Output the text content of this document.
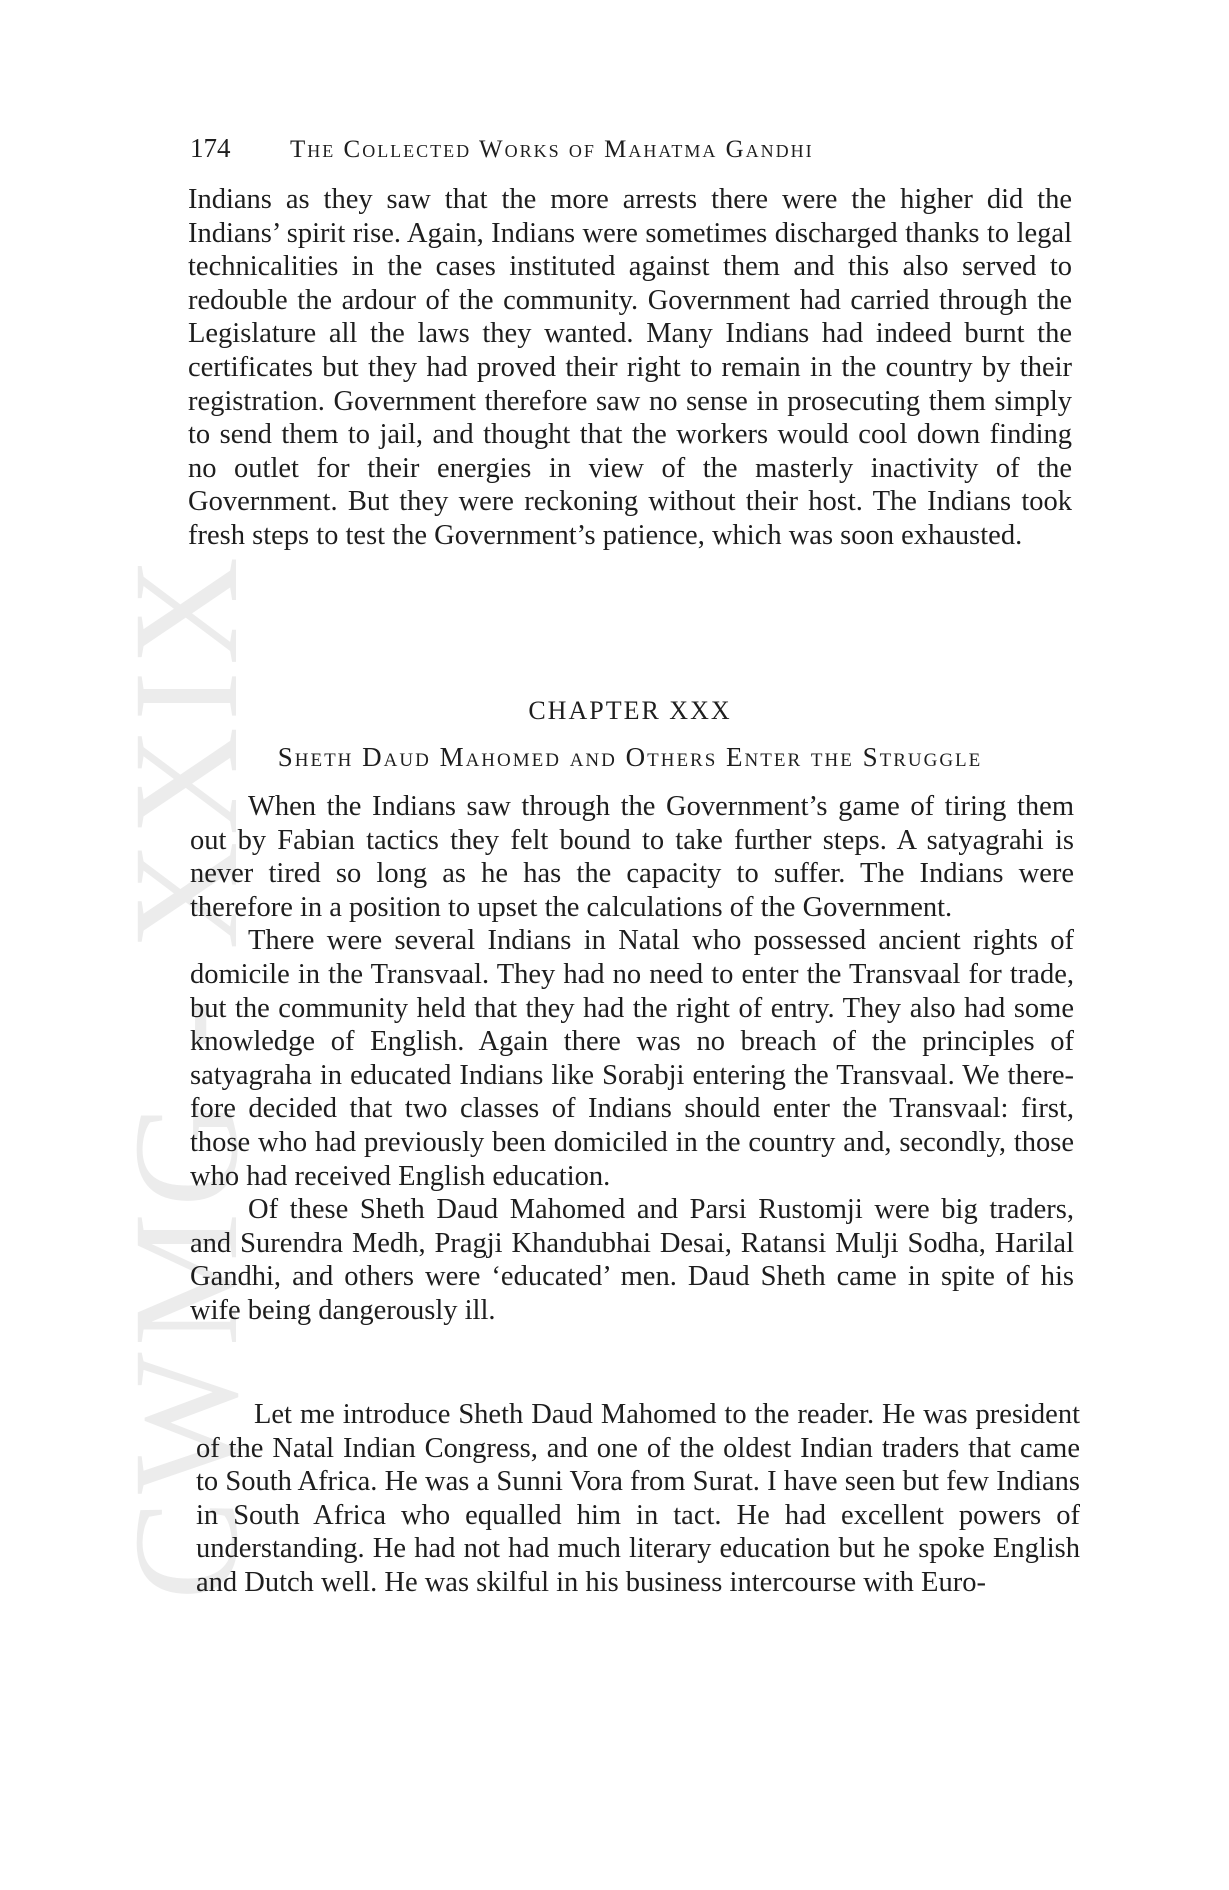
CWMG - XXIX
174 The Collected Works of Mahatma Gandhi

Indians as they saw that the more arrests there were the higher did the Indians’ spirit rise. Again, Indians were sometimes discharged thanks to legal technicalities in the cases instituted against them and this also served to redouble the ardour of the community. Government had carried through the Legislature all the laws they wanted. Many Indians had indeed burnt the certificates but they had proved their right to remain in the country by their registration. Government therefore saw no sense in prosecuting them simply to send them to jail, and thought that the workers would cool down finding no outlet for their energies in view of the masterly inactivity of the Government. But they were reckoning without their host. The Indians took fresh steps to test the Government’s patience, which was soon exhausted.

CHAPTER XXX
Sheth Daud Mahomed and Others Enter the Struggle

When the Indians saw through the Government’s game of tiring them out by Fabian tactics they felt bound to take further steps. A satyagrahi is never tired so long as he has the capacity to suffer. The Indians were therefore in a position to upset the calculations of the Government.

There were several Indians in Natal who possessed ancient rights of domicile in the Transvaal. They had no need to enter the Transvaal for trade, but the community held that they had the right of entry. They also had some knowledge of English. Again there was no breach of the principles of satyagraha in educated Indians like Sorabji entering the Transvaal. We therefore decided that two classes of Indians should enter the Transvaal: first, those who had previously been domiciled in the country and, secondly, those who had received English education.

Of these Sheth Daud Mahomed and Parsi Rustomji were big traders, and Surendra Medh, Pragji Khandubhai Desai, Ratansi Mulji Sodha, Harilal Gandhi, and others were ‘educated’ men. Daud Sheth came in spite of his wife being dangerously ill.

Let me introduce Sheth Daud Mahomed to the reader. He was president of the Natal Indian Congress, and one of the oldest Indian traders that came to South Africa. He was a Sunni Vora from Surat. I have seen but few Indians in South Africa who equalled him in tact. He had excellent powers of understanding. He had not had much literary education but he spoke English and Dutch well. He was skilful in his business intercourse with Euro-
